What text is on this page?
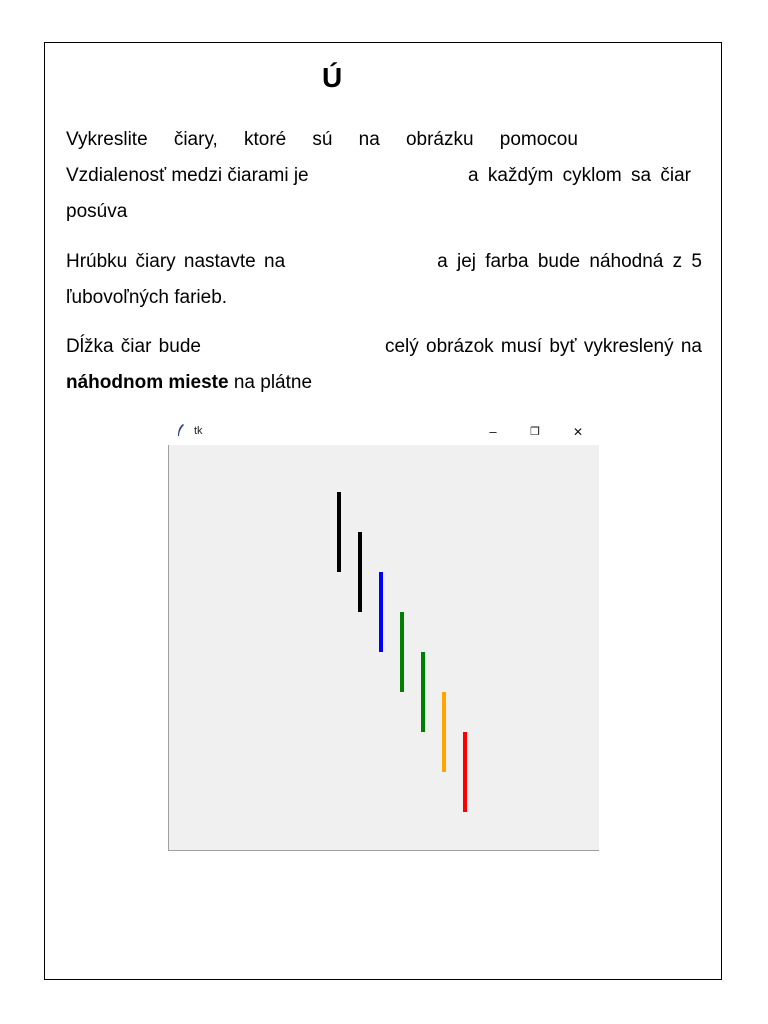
Ú
Vykreslite čiary, ktoré sú na obrázku pomocou
Vzdialenosť medzi čiarami je	a každým cyklom sa čiar
posúva
Hrúbku čiary nastavte na	a jej farba bude náhodná z 5
ľubovoľných farieb.
Dĺžka čiar bude	celý obrázok musí byť vykreslený na
náhodnom mieste na plátne
tk	–	❐	✕
